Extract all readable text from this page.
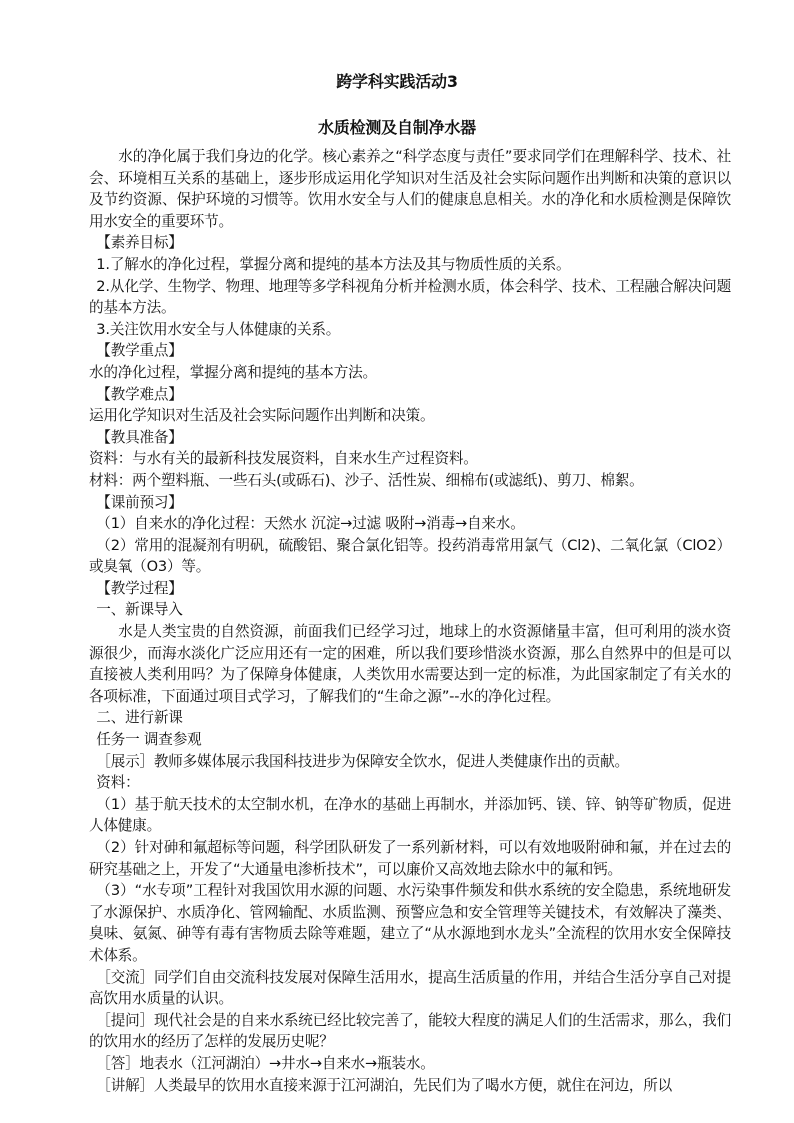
跨学科实践活动3
水质检测及自制净水器

水的净化属于我们身边的化学。核心素养之“科学态度与责任”要求同学们在理解科学、技术、社会、环境相互关系的基础上，逐步形成运用化学知识对生活及社会实际问题作出判断和决策的意识以及节约资源、保护环境的习惯等。饮用水安全与人们的健康息息相关。水的净化和水质检测是保障饮用水安全的重要环节。

【素养目标】

1.了解水的净化过程，掌握分离和提纯的基本方法及其与物质性质的关系。

2.从化学、生物学、物理、地理等多学科视角分析并检测水质，体会科学、技术、工程融合解决问题的基本方法。

3.关注饮用水安全与人体健康的关系。

【教学重点】

水的净化过程，掌握分离和提纯的基本方法。

【教学难点】

运用化学知识对生活及社会实际问题作出判断和决策。

【教具准备】

资料：与水有关的最新科技发展资料，自来水生产过程资料。

材料：两个塑料瓶、一些石头(或砾石)、沙子、活性炭、细棉布(或滤纸)、剪刀、棉絮。

【课前预习】

（1）自来水的净化过程：天然水 沉淀→过滤 吸附→消毒→自来水。

（2）常用的混凝剂有明矾，硫酸铝、聚合氯化铝等。投药消毒常用氯气（Cl2)、二氧化氯（ClO2）或臭氧（O3）等。

【教学过程】

一、新课导入

水是人类宝贵的自然资源，前面我们已经学习过，地球上的水资源储量丰富，但可利用的淡水资源很少，而海水淡化广泛应用还有一定的困难，所以我们要珍惜淡水资源，那么自然界中的但是可以直接被人类利用吗？为了保障身体健康，人类饮用水需要达到一定的标准，为此国家制定了有关水的各项标准，下面通过项目式学习，了解我们的“生命之源”--水的净化过程。

二、进行新课

任务一 调查参观

［展示］教师多媒体展示我国科技进步为保障安全饮水，促进人类健康作出的贡献。

资料：

（1）基于航天技术的太空制水机，在净水的基础上再制水，并添加钙、镁、锌、钠等矿物质，促进人体健康。

（2）针对砷和氟超标等问题，科学团队研发了一系列新材料，可以有效地吸附砷和氟，并在过去的研究基础之上，开发了“大通量电渗析技术”，可以廉价又高效地去除水中的氟和钙。

（3）“水专项”工程针对我国饮用水源的问题、水污染事件频发和供水系统的安全隐患，系统地研发了水源保护、水质净化、管网输配、水质监测、预警应急和安全管理等关键技术，有效解决了藻类、臭味、氨氮、砷等有毒有害物质去除等难题，建立了“从水源地到水龙头”全流程的饮用水安全保障技术体系。

［交流］同学们自由交流科技发展对保障生活用水，提高生活质量的作用，并结合生活分享自己对提高饮用水质量的认识。

［提问］现代社会是的自来水系统已经比较完善了，能较大程度的满足人们的生活需求，那么，我们的饮用水的经历了怎样的发展历史呢？

［答］地表水（江河湖泊）→井水→自来水→瓶装水。

［讲解］人类最早的饮用水直接来源于江河湖泊，先民们为了喝水方便，就住在河边，所以
